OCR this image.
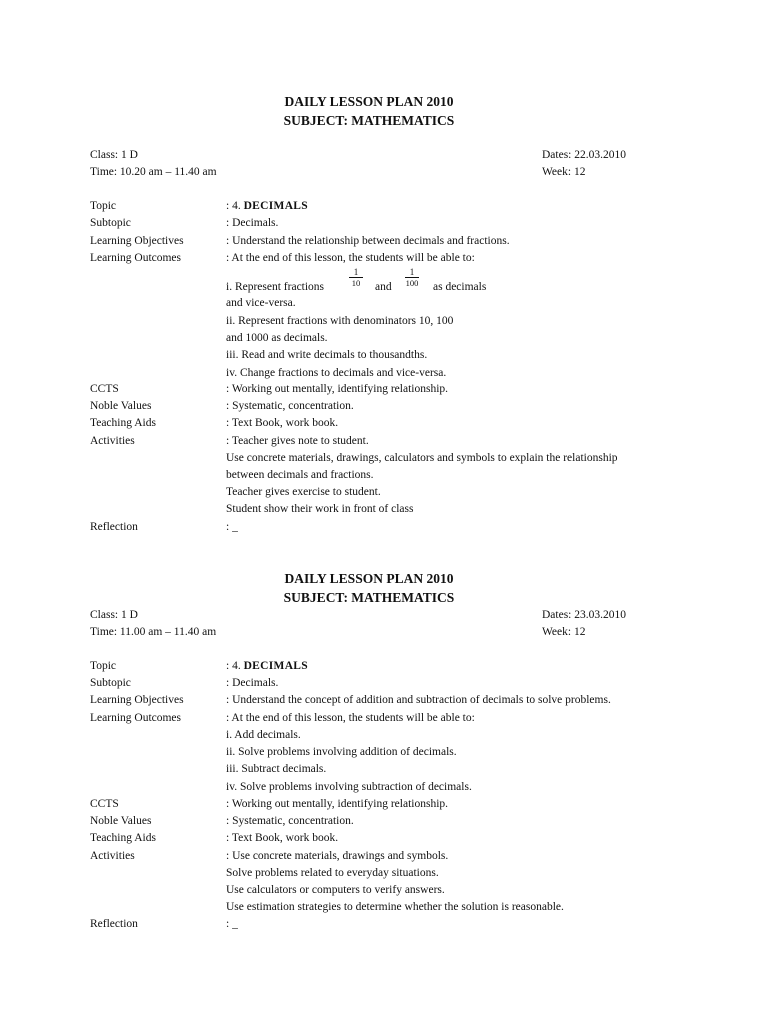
DAILY LESSON PLAN 2010
SUBJECT: MATHEMATICS
Class: 1 D	Dates: 22.03.2010
Time: 10.20 am – 11.40 am	Week: 12
Topic	: 4. DECIMALS
Subtopic	: Decimals.
Learning Objectives	: Understand the relationship between decimals and fractions.
Learning Outcomes	: At the end of this lesson, the students will be able to:
i. Represent fractions
1
10	and
1
100 as decimals
and vice-versa.
ii. Represent fractions with denominators 10, 100
and 1000 as decimals.
iii. Read and write decimals to thousandths.
iv. Change fractions to decimals and vice-versa.
CCTS	: Working out mentally, identifying relationship.
Noble Values	: Systematic, concentration.
Teaching Aids	: Text Book, work book.
Activities	: Teacher gives note to student.
Use concrete materials, drawings, calculators and symbols to explain the relationship
between decimals and fractions.
Teacher gives exercise to student.
Student show their work in front of class
Reflection	: _
DAILY LESSON PLAN 2010
SUBJECT: MATHEMATICS
Class: 1 D	Dates: 23.03.2010
Time: 11.00 am – 11.40 am	Week: 12
Topic	: 4. DECIMALS
Subtopic	: Decimals.
Learning Objectives	: Understand the concept of addition and subtraction of decimals to solve problems.
Learning Outcomes	: At the end of this lesson, the students will be able to:
i. Add decimals.
ii. Solve problems involving addition of decimals.
iii. Subtract decimals.
iv. Solve problems involving subtraction of decimals.
CCTS	: Working out mentally, identifying relationship.
Noble Values	: Systematic, concentration.
Teaching Aids	: Text Book, work book.
Activities	: Use concrete materials, drawings and symbols.
Solve problems related to everyday situations.
Use calculators or computers to verify answers.
Use estimation strategies to determine whether the solution is reasonable.
Reflection	: _
